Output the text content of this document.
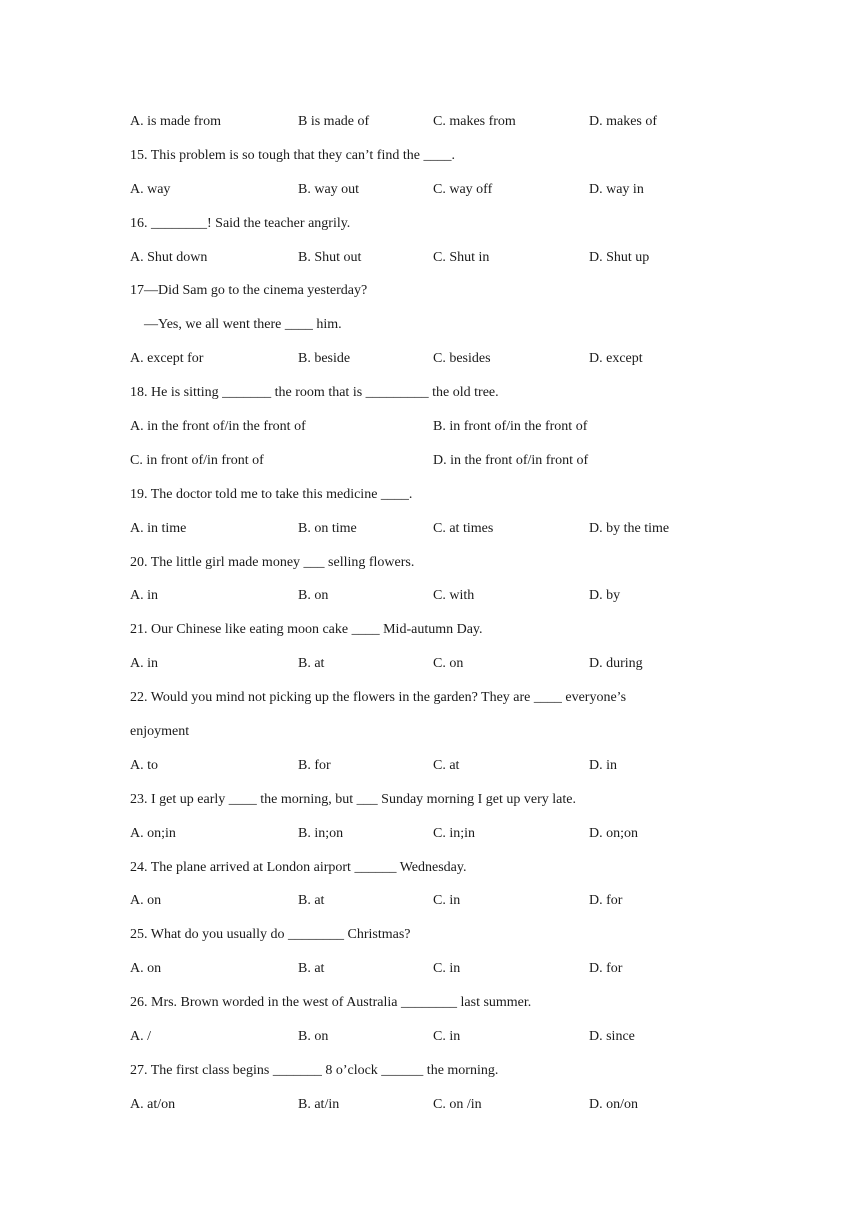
A. is made from	B is made of	C. makes from	D. makes of
15. This problem is so tough that they can’t find the ____.
A. way	B. way out	C. way off	D. way in
16. ________! Said the teacher angrily.
A. Shut down	B. Shut out	C. Shut in	D. Shut up
17—Did Sam go to the cinema yesterday?
　—Yes, we all went there ____ him.
A. except for	B. beside	C. besides	D. except
18. He is sitting _______ the room that is _________ the old tree.
A. in the front of/in the front of	B. in front of/in the front of
C. in front of/in front of	D. in the front of/in front of
19. The doctor told me to take this medicine ____.
A. in time	B. on time	C. at times	D. by the time
20. The little girl made money ___ selling flowers.
A. in	B. on	C. with	D. by
21. Our Chinese like eating moon cake ____ Mid-autumn Day.
A. in	B. at	C. on	D. during
22. Would you mind not picking up the flowers in the garden? They are ____ everyone’s
enjoyment
A. to	B. for	C. at	D. in
23. I get up early ____ the morning, but ___ Sunday morning I get up very late.
A. on;in	B. in;on	C. in;in	D. on;on
24. The plane arrived at London airport ______ Wednesday.
A. on	B. at	C. in	D. for
25. What do you usually do ________ Christmas?
A. on	B. at	C. in	D. for
26. Mrs. Brown worded in the west of Australia ________ last summer.
A. /	B. on	C. in	D. since
27. The first class begins _______ 8 o’clock ______ the morning.
A. at/on	B. at/in	C. on /in	D. on/on
